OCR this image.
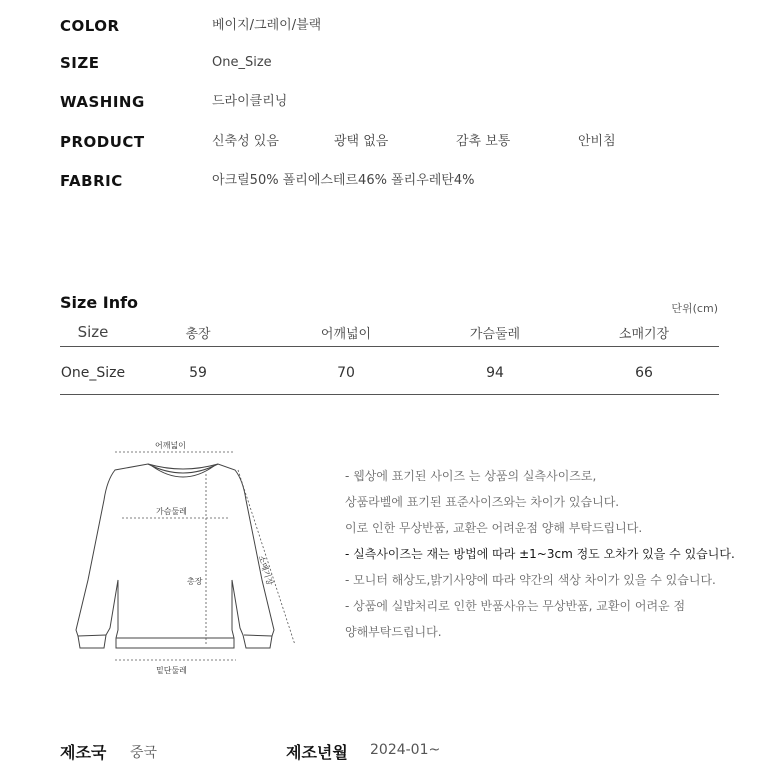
COLOR	베이지/그레이/블랙
SIZE	One_Size
WASHING	드라이클리닝
PRODUCT	신축성 있음	광택 없음	감촉 보통	안비침
FABRIC	아크릴50% 폴리에스테르46% 폴리우레탄4%
Size Info	단위(cm)
Size	총장	어깨넓이	가슴둘레	소매기장
One_Size	59	70	94	66
어깨넓이
가슴둘레
총장	소매기장
밑단둘레
- 웹상에 표기된 사이즈 는 상품의 실측사이즈로,
상품라벨에 표기된 표준사이즈와는 차이가 있습니다.
이로 인한 무상반품, 교환은 어려운점 양해 부탁드립니다.
- 실측사이즈는 재는 방법에 따라 ±1~3cm 정도 오차가 있을 수 있습니다.
- 모니터 해상도,밝기사양에 따라 약간의 색상 차이가 있을 수 있습니다.
- 상품에 실밥처리로 인한 반품사유는 무상반품, 교환이 어려운 점
양해부탁드립니다.
제조국 중국	제조년월 2024-01~
